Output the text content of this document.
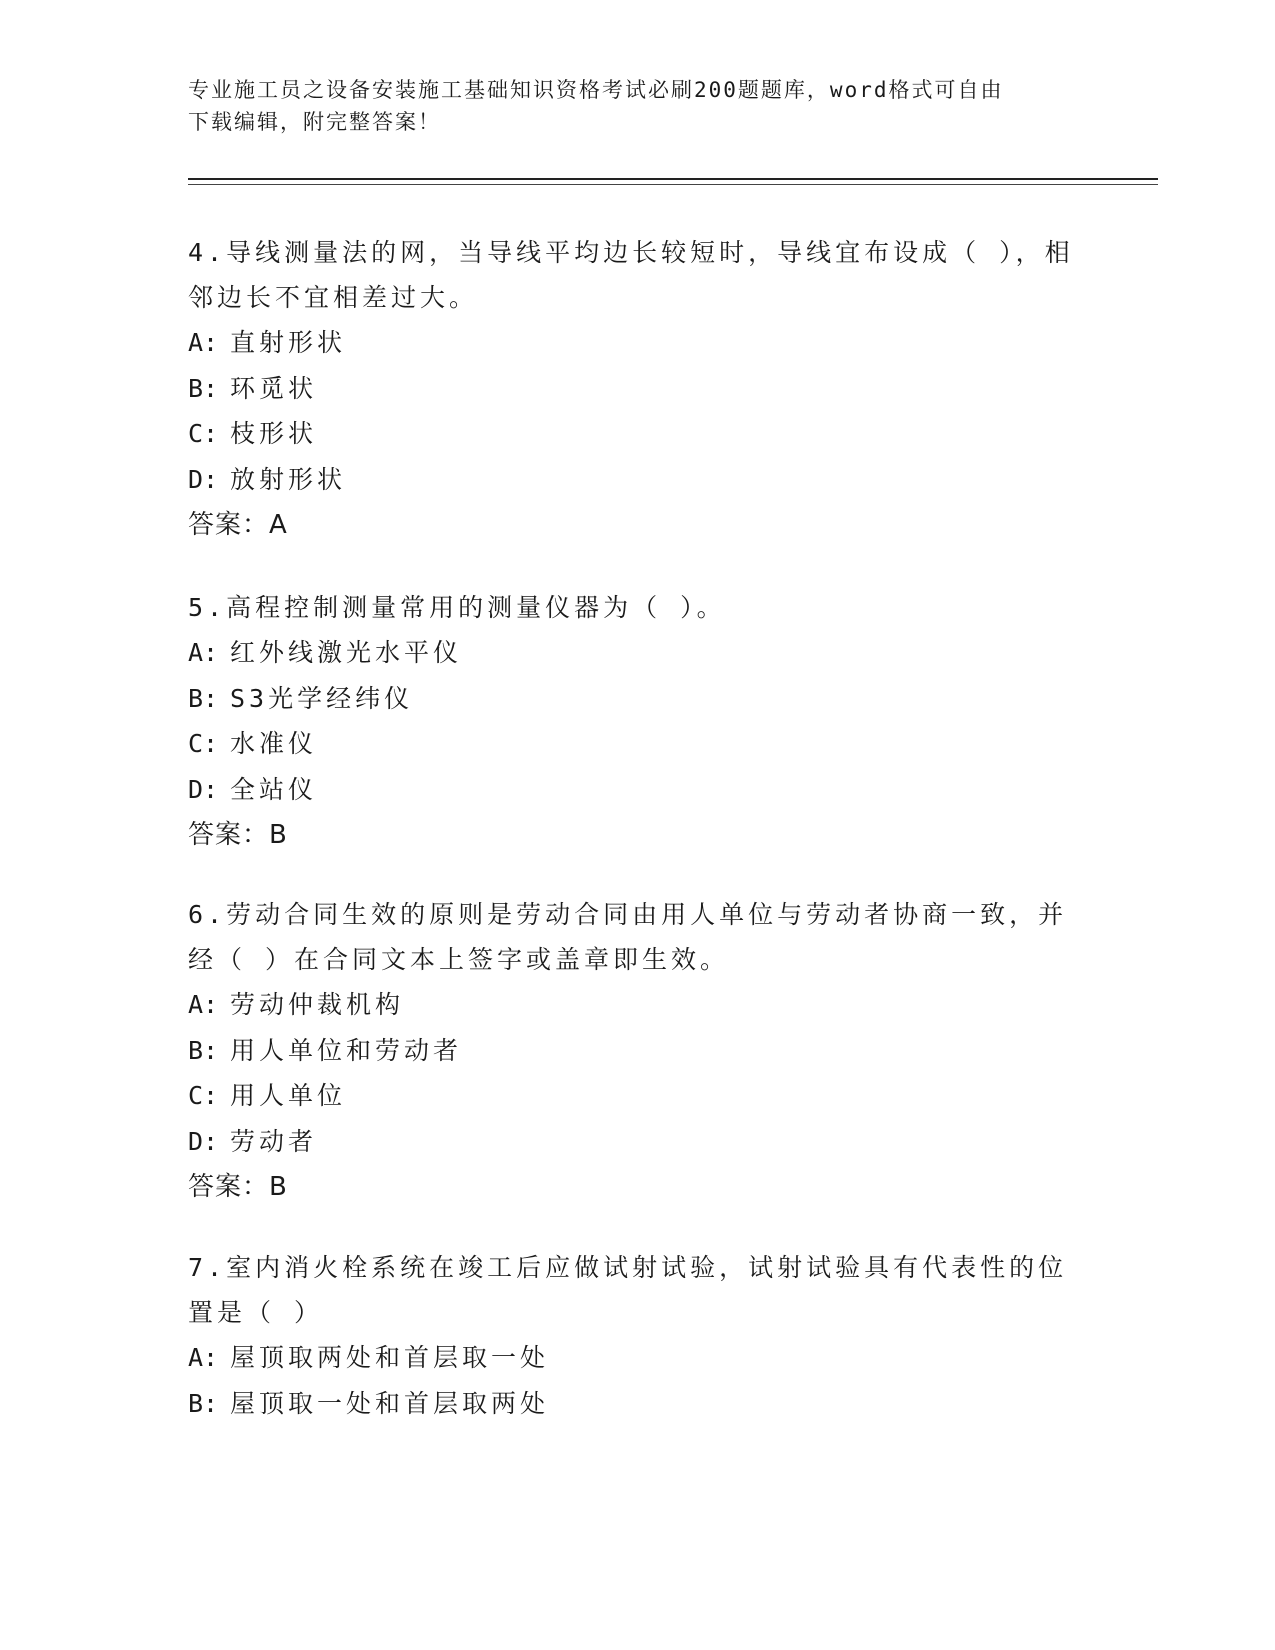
专业施工员之设备安装施工基础知识资格考试必刷200题题库，word格式可自由
下载编辑，附完整答案！
4.导线测量法的网，当导线平均边长较短时，导线宜布设成（ ），相
邻边长不宜相差过大。
A: 直射形状
B: 环觅状
C: 枝形状
D: 放射形状
答案：A
5.高程控制测量常用的测量仪器为（ ）。
A: 红外线激光水平仪
B: S3光学经纬仪
C: 水准仪
D: 全站仪
答案：B
6.劳动合同生效的原则是劳动合同由用人单位与劳动者协商一致，并
经（ ）在合同文本上签字或盖章即生效。
A: 劳动仲裁机构
B: 用人单位和劳动者
C: 用人单位
D: 劳动者
答案：B
7.室内消火栓系统在竣工后应做试射试验，试射试验具有代表性的位
置是（ ）
A: 屋顶取两处和首层取一处
B: 屋顶取一处和首层取两处
